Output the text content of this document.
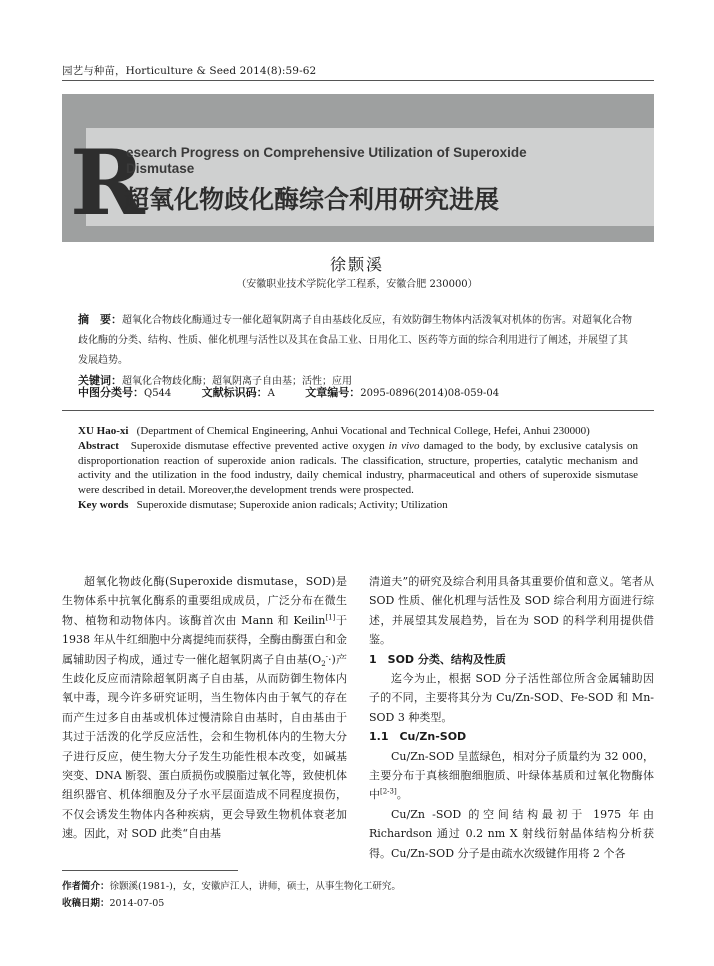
园艺与种苗，Horticulture & Seed 2014(8):59-62
R
esearch Progress on Comprehensive Utilization of Superoxide
Dismutase
超氧化物歧化酶综合利用研究进展
徐颢溪
（安徽职业技术学院化学工程系，安徽合肥 230000）
摘　要：超氧化合物歧化酶通过专一催化超氧阴离子自由基歧化反应，有效防御生物体内活泼氧对机体的伤害。对超氧化合物歧化酶的分类、结构、性质、催化机理与活性以及其在食品工业、日用化工、医药等方面的综合利用进行了阐述，并展望了其发展趋势。
关键词：超氧化合物歧化酶；超氧阴离子自由基；活性；应用
中图分类号：Q544	文献标识码：A	文章编号：2095-0896(2014)08-059-04
XU Hao-xi (Department of Chemical Engineering, Anhui Vocational and Technical College, Hefei, Anhui 230000)
Abstract Superoxide dismutase effective prevented active oxygen in vivo damaged to the body, by exclusive catalysis on disproportionation reaction of superoxide anion radicals. The classification, structure, properties, catalytic mechanism and activity and the utilization in the food industry, daily chemical industry, pharmaceutical and others of superoxide sismutase were described in detail. Moreover,the development trends were prospected.
Key words Superoxide dismutase; Superoxide anion radicals; Activity; Utilization

超氧化物歧化酶(Superoxide dismutase，SOD)是生物体系中抗氧化酶系的重要组成成员，广泛分布在微生物、植物和动物体内。该酶首次由 Mann 和 Keilin[1]于 1938 年从牛红细胞中分离提纯而获得，全酶由酶蛋白和金属辅助因子构成，通过专一催化超氧阴离子自由基$(O_2^-\cdot)$产生歧化反应而清除超氧阴离子自由基，从而防御生物体内氧中毒，现今许多研究证明，当生物体内由于氧气的存在而产生过多自由基或机体过慢清除自由基时，自由基由于其过于活泼的化学反应活性，会和生物机体内的生物大分子进行反应，使生物大分子发生功能性根本改变，如碱基突变、DNA 断裂、蛋白质损伤或膜脂过氧化等，致使机体组织器官、机体细胞及分子水平层面造成不同程度损伤，不仅会诱发生物体内各种疾病，更会导致生物机体衰老加速。因此，对 SOD 此类“自由基

清道夫”的研究及综合利用具备其重要价值和意义。笔者从 SOD 性质、催化机理与活性及 SOD 综合利用方面进行综述，并展望其发展趋势，旨在为 SOD 的科学利用提供借鉴。

1　SOD 分类、结构及性质

迄今为止，根据 SOD 分子活性部位所含金属辅助因子的不同，主要将其分为 Cu/Zn-SOD、Fe-SOD 和 Mn-SOD 3 种类型。

1.1　Cu/Zn-SOD

Cu/Zn-SOD 呈蓝绿色，相对分子质量约为 32 000，主要分布于真核细胞细胞质、叶绿体基质和过氧化物酶体中[2-3]。

Cu/Zn -SOD 的空间结构最初于 1975 年由 Richardson 通过 0.2 nm X 射线衍射晶体结构分析获得。Cu/Zn-SOD 分子是由疏水次级键作用将 2 个各

作者简介：徐颢溪(1981-)，女，安徽庐江人，讲师，硕士，从事生物化工研究。
收稿日期：2014-07-05
